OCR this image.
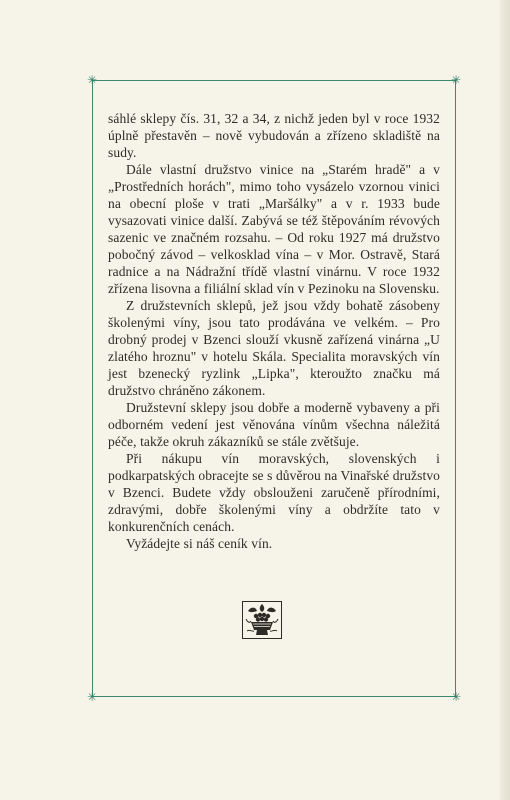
✳	✳
✳	✳

sáhlé sklepy čís. 31, 32 a 34, z nichž jeden byl v roce 1932 úplně přestavěn – nově vybudován a zřízeno skladiště na sudy.

Dále vlastní družstvo vinice na „Starém hradě" a v „Prostředních horách", mimo toho vysázelo vzornou vinici na obecní ploše v trati „Maršálky" a v r. 1933 bude vysazovati vinice další. Zabývá se též štěpováním révových sazenic ve značném rozsahu. – Od roku 1927 má družstvo pobočný závod – velkosklad vína – v Mor. Ostravě, Stará radnice a na Nádražní třídě vlastní vinárnu. V roce 1932 zřízena lisovna a filiální sklad vín v Pezinoku na Slovensku.

Z družstevních sklepů, jež jsou vždy bohatě zásobeny školenými víny, jsou tato prodávána ve velkém. – Pro drobný prodej v Bzenci slouží vkusně zařízená vinárna „U zlatého hroznu" v hotelu Skála. Specialita moravských vín jest bzenecký ryzlink „Lipka", kteroužto značku má družstvo chráněno zákonem.

Družstevní sklepy jsou dobře a moderně vybaveny a při odborném vedení jest věnována vínům všechna náležitá péče, takže okruh zákazníků se stále zvětšuje.

Při nákupu vín moravských, slovenských i podkarpatských obracejte se s důvěrou na Vinařské družstvo v Bzenci. Budete vždy obslouženi zaručeně přírodními, zdravými, dobře školenými víny a obdržíte tato v konkurenčních cenách.

Vyžádejte si náš ceník vín.
